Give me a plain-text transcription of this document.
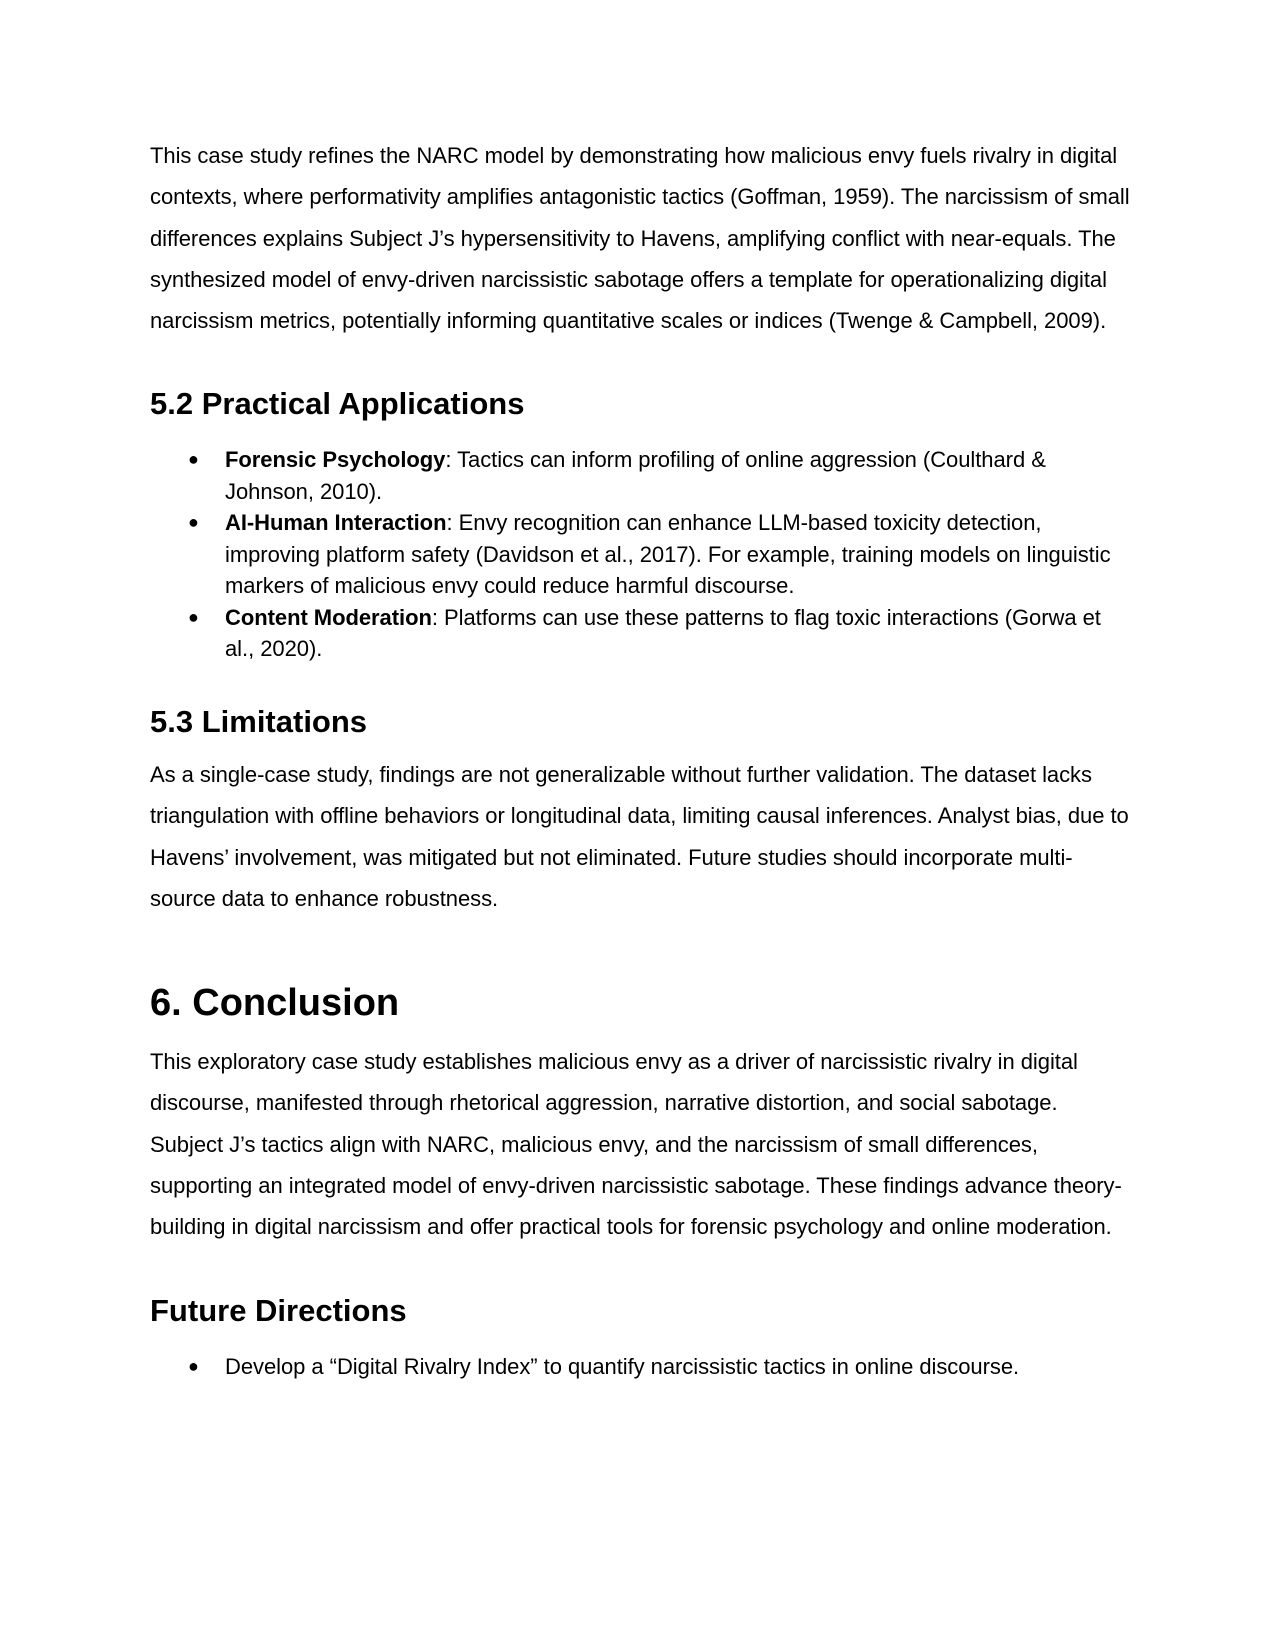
This case study refines the NARC model by demonstrating how malicious envy fuels rivalry in digital contexts, where performativity amplifies antagonistic tactics (Goffman, 1959). The narcissism of small differences explains Subject J’s hypersensitivity to Havens, amplifying conflict with near-equals. The synthesized model of envy-driven narcissistic sabotage offers a template for operationalizing digital narcissism metrics, potentially informing quantitative scales or indices (Twenge & Campbell, 2009).

5.2 Practical Applications
● Forensic Psychology: Tactics can inform profiling of online aggression (Coulthard & Johnson, 2010).
● AI-Human Interaction: Envy recognition can enhance LLM-based toxicity detection, improving platform safety (Davidson et al., 2017). For example, training models on linguistic markers of malicious envy could reduce harmful discourse.
● Content Moderation: Platforms can use these patterns to flag toxic interactions (Gorwa et al., 2020).
5.3 Limitations

As a single-case study, findings are not generalizable without further validation. The dataset lacks triangulation with offline behaviors or longitudinal data, limiting causal inferences. Analyst bias, due to Havens’ involvement, was mitigated but not eliminated. Future studies should incorporate multi-source data to enhance robustness.

6. Conclusion

This exploratory case study establishes malicious envy as a driver of narcissistic rivalry in digital discourse, manifested through rhetorical aggression, narrative distortion, and social sabotage. Subject J’s tactics align with NARC, malicious envy, and the narcissism of small differences, supporting an integrated model of envy-driven narcissistic sabotage. These findings advance theory-building in digital narcissism and offer practical tools for forensic psychology and online moderation.

Future Directions
● Develop a “Digital Rivalry Index” to quantify narcissistic tactics in online discourse.
